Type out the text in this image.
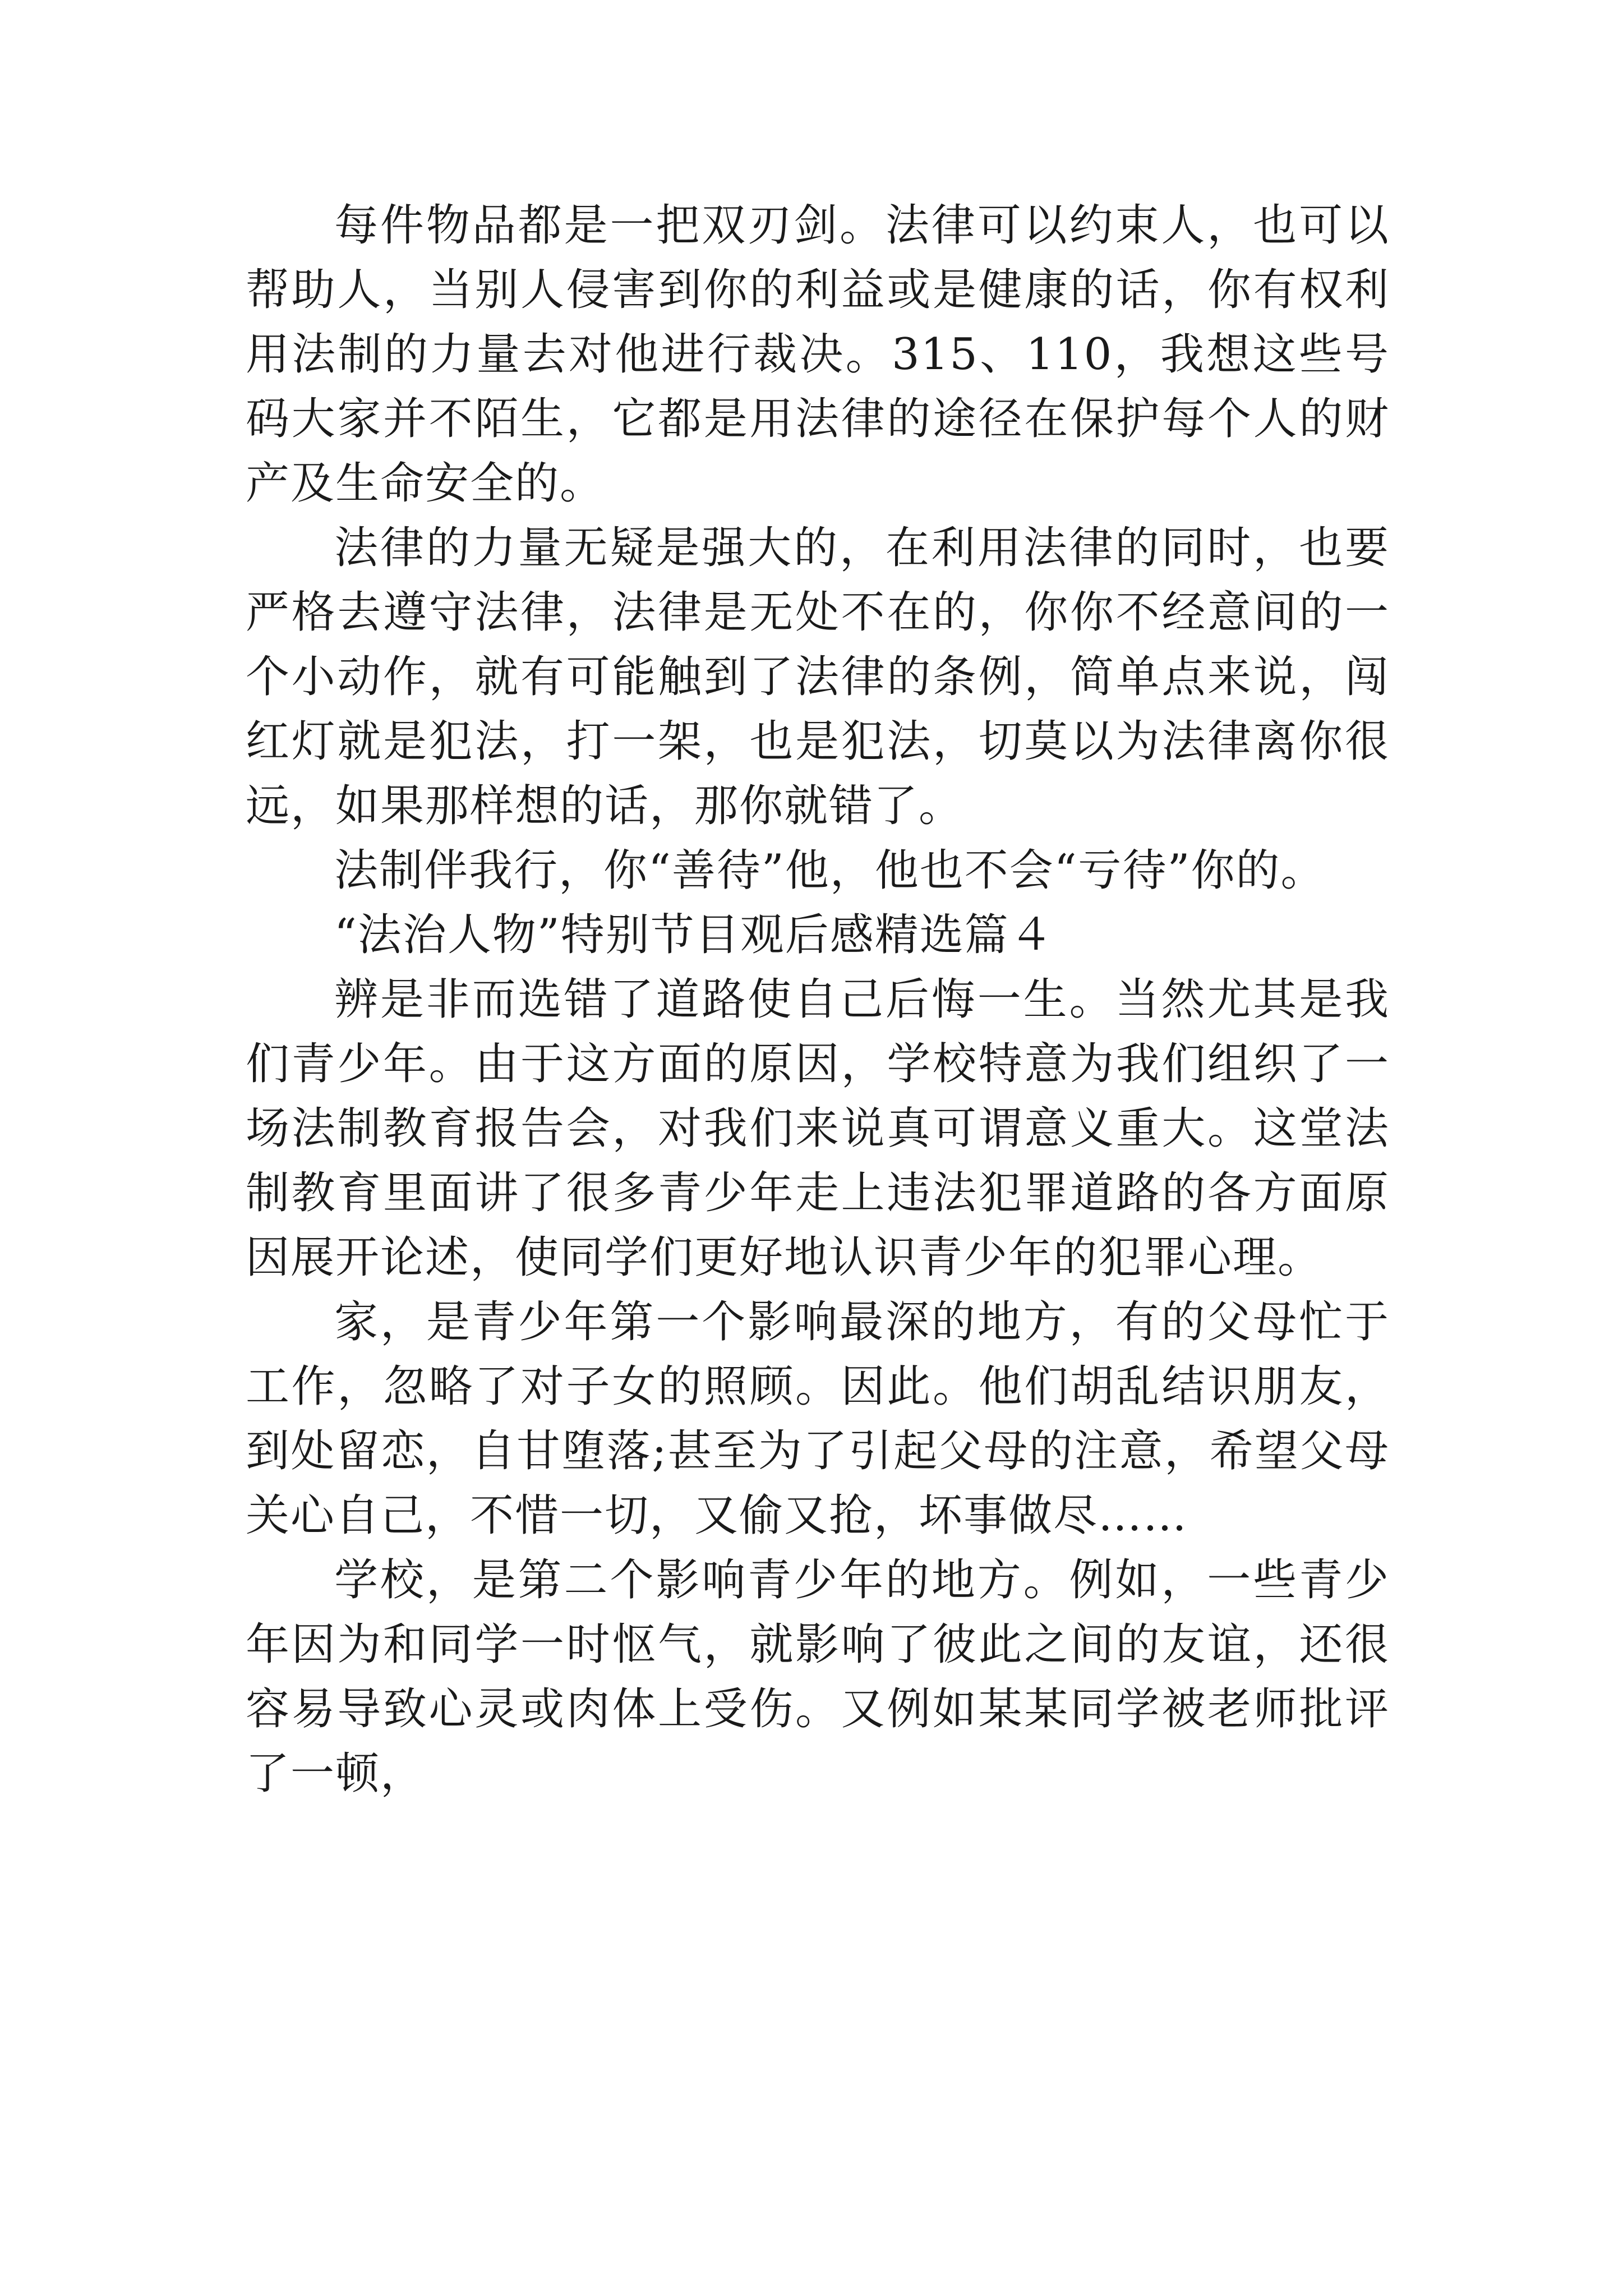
每件物品都是一把双刃剑。法律可以约束人，也可以帮助人，当别人侵害到你的利益或是健康的话，你有权利用法制的力量去对他进行裁决。315、110，我想这些号码大家并不陌生，它都是用法律的途径在保护每个人的财产及生命安全的。

法律的力量无疑是强大的，在利用法律的同时，也要严格去遵守法律，法律是无处不在的，你你不经意间的一个小动作，就有可能触到了法律的条例，简单点来说，闯红灯就是犯法，打一架，也是犯法，切莫以为法律离你很远，如果那样想的话，那你就错了。

法制伴我行，你“善待”他，他也不会“亏待”你的。

“法治人物”特别节目观后感精选篇４

辨是非而选错了道路使自己后悔一生。当然尤其是我们青少年。由于这方面的原因，学校特意为我们组织了一场法制教育报告会，对我们来说真可谓意义重大。这堂法制教育里面讲了很多青少年走上违法犯罪道路的各方面原因展开论述，使同学们更好地认识青少年的犯罪心理。

家，是青少年第一个影响最深的地方，有的父母忙于工作，忽略了对子女的照顾。因此。他们胡乱结识朋友，到处留恋，自甘堕落;甚至为了引起父母的注意，希望父母关心自己，不惜一切，又偷又抢，坏事做尽……

学校，是第二个影响青少年的地方。例如，一些青少年因为和同学一时怄气，就影响了彼此之间的友谊，还很容易导致心灵或肉体上受伤。又例如某某同学被老师批评了一顿，
